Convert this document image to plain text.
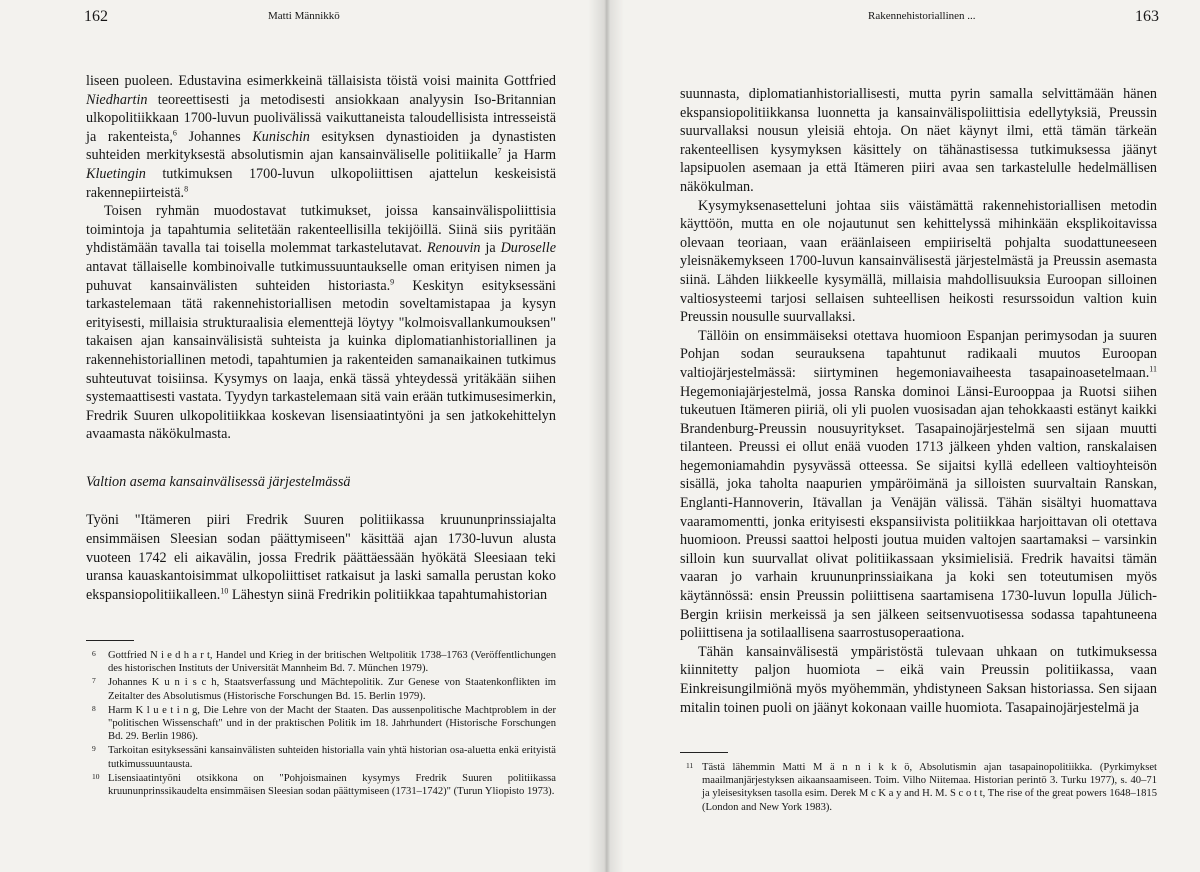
162	Matti Männikkö

liseen puoleen. Edustavina esimerkkeinä tällaisista töistä voisi mainita Gottfried Niedhartin teoreettisesti ja metodisesti ansiokkaan analyysin Iso-Britannian ulkopolitiikkaan 1700-luvun puolivälissä vaikuttaneista taloudellisista intresseistä ja rakenteista,$^6$ Johannes Kunischin esityksen dynastioiden ja dynastisten suhteiden merkityksestä absolutismin ajan kansainväliselle politiikalle$^7$ ja Harm Kluetingin tutkimuksen 1700-luvun ulkopoliittisen ajattelun keskeisistä rakennepiirteistä.$^8$

Toisen ryhmän muodostavat tutkimukset, joissa kansainvälispoliittisia toimintoja ja tapahtumia selitetään rakenteellisilla tekijöillä. Siinä siis pyritään yhdistämään tavalla tai toisella molemmat tarkastelutavat. Renouvin ja Duroselle antavat tällaiselle kombinoivalle tutkimussuuntaukselle oman erityisen nimen ja puhuvat kansainvälisten suhteiden historiasta.$^9$ Keskityn esityksessäni tarkastelemaan tätä rakennehistoriallisen metodin soveltamistapaa ja kysyn erityisesti, millaisia strukturaalisia elementtejä löytyy "kolmoisvallankumouksen" takaisen ajan kansainvälisistä suhteista ja kuinka diplomatianhistoriallinen ja rakennehistoriallinen metodi, tapahtumien ja rakenteiden samanaikainen tutkimus suhteutuvat toisiinsa. Kysymys on laaja, enkä tässä yhteydessä yritäkään siihen systemaattisesti vastata. Tyydyn tarkastelemaan sitä vain erään tutkimusesimerkin, Fredrik Suuren ulkopolitiikkaa koskevan lisensiaatintyöni ja sen jatkokehittelyn avaamasta näkökulmasta.

Valtion asema kansainvälisessä järjestelmässä

Työni "Itämeren piiri Fredrik Suuren politiikassa kruununprinssiajalta ensimmäisen Sleesian sodan päättymiseen" käsittää ajan 1730-luvun alusta vuoteen 1742 eli aikavälin, jossa Fredrik päättäessään hyökätä Sleesiaan teki uransa kauaskantoisimmat ulkopoliittiset ratkaisut ja laski samalla perustan koko ekspansiopolitiikalleen.$^{10}$ Lähestyn siinä Fredrikin politiikkaa tapahtumahistorian

6 Gottfried N i e d h a r t, Handel und Krieg in der britischen Weltpolitik 1738–1763 (Veröffentlichungen des historischen Instituts der Universität Mannheim Bd. 7. München 1979).
7 Johannes K u n i s c h, Staatsverfassung und Mächtepolitik. Zur Genese von Staatenkonflikten im Zeitalter des Absolutismus (Historische Forschungen Bd. 15. Berlin 1979).
8 Harm K l u e t i n g, Die Lehre von der Macht der Staaten. Das aussenpolitische Machtproblem in der "politischen Wissenschaft" und in der praktischen Politik im 18. Jahrhundert (Historische Forschungen Bd. 29. Berlin 1986).
9 Tarkoitan esityksessäni kansainvälisten suhteiden historialla vain yhtä historian osa-aluetta enkä erityistä tutkimussuuntausta.
10 Lisensiaatintyöni otsikkona on "Pohjoismainen kysymys Fredrik Suuren politiikassa kruununprinssikaudelta ensimmäisen Sleesian sodan päättymiseen (1731–1742)" (Turun Yliopisto 1973).
Rakennehistoriallinen ...	163

suunnasta, diplomatianhistoriallisesti, mutta pyrin samalla selvittämään hänen ekspansiopolitiikkansa luonnetta ja kansainvälispoliittisia edellytyksiä, Preussin suurvallaksi nousun yleisiä ehtoja. On näet käynyt ilmi, että tämän tärkeän rakenteellisen kysymyksen käsittely on tähänastisessa tutkimuksessa jäänyt lapsipuolen asemaan ja että Itämeren piiri avaa sen tarkastelulle hedelmällisen näkökulman.

Kysymyksenasetteluni johtaa siis väistämättä rakennehistoriallisen metodin käyttöön, mutta en ole nojautunut sen kehittelyssä mihinkään eksplikoitavissa olevaan teoriaan, vaan eräänlaiseen empiiriseltä pohjalta suodattuneeseen yleisnäkemykseen 1700-luvun kansainvälisestä järjestelmästä ja Preussin asemasta siinä. Lähden liikkeelle kysymällä, millaisia mahdollisuuksia Euroopan silloinen valtiosysteemi tarjosi sellaisen suhteellisen heikosti resurssoidun valtion kuin Preussin nousulle suurvallaksi.

Tällöin on ensimmäiseksi otettava huomioon Espanjan perimysodan ja suuren Pohjan sodan seurauksena tapahtunut radikaali muutos Euroopan valtiojärjestelmässä: siirtyminen hegemoniavaiheesta tasapainoasetelmaan.$^{11}$ Hegemoniajärjestelmä, jossa Ranska dominoi Länsi-Eurooppaa ja Ruotsi siihen tukeutuen Itämeren piiriä, oli yli puolen vuosisadan ajan tehokkaasti estänyt kaikki Brandenburg-Preussin nousuyritykset. Tasapainojärjestelmä sen sijaan muutti tilanteen. Preussi ei ollut enää vuoden 1713 jälkeen yhden valtion, ranskalaisen hegemoniamahdin pysyvässä otteessa. Se sijaitsi kyllä edelleen valtioyhteisön sisällä, joka taholta naapurien ympäröimänä ja silloisten suurvaltain Ranskan, Englanti-Hannoverin, Itävallan ja Venäjän välissä. Tähän sisältyi huomattava vaaramomentti, jonka erityisesti ekspansiivista politiikkaa harjoittavan oli otettava huomioon. Preussi saattoi helposti joutua muiden valtojen saartamaksi – varsinkin silloin kun suurvallat olivat politiikassaan yksimielisiä. Fredrik havaitsi tämän vaaran jo varhain kruununprinssiaikana ja koki sen toteutumisen myös käytännössä: ensin Preussin poliittisena saartamisena 1730-luvun lopulla Jülich-Bergin kriisin merkeissä ja sen jälkeen seitsenvuotisessa sodassa tapahtuneena poliittisena ja sotilaallisena saarrostusoperaationa.

Tähän kansainvälisestä ympäristöstä tulevaan uhkaan on tutkimuksessa kiinnitetty paljon huomiota – eikä vain Preussin politiikassa, vaan Einkreisungilmiönä myös myöhemmän, yhdistyneen Saksan historiassa. Sen sijaan mitalin toinen puoli on jäänyt kokonaan vaille huomiota. Tasapainojärjestelmä ja

11 Tästä lähemmin Matti M ä n n i k k ö, Absolutismin ajan tasapainopolitiikka. (Pyrkimykset maailmanjärjestyksen aikaansaamiseen. Toim. Vilho Niitemaa. Historian perintö 3. Turku 1977), s. 40–71 ja yleisesityksen tasolla esim. Derek M c K a y and H. M. S c o t t, The rise of the great powers 1648–1815 (London and New York 1983).
